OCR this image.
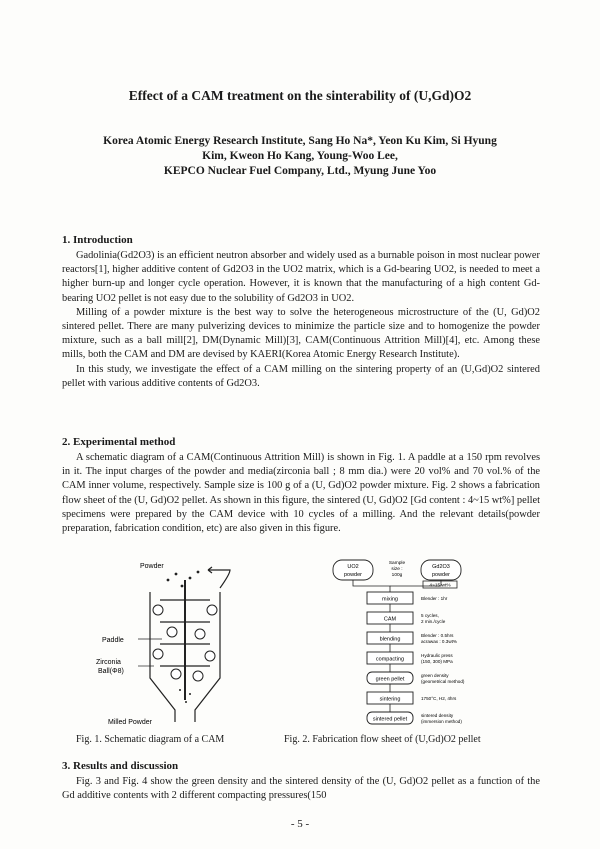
Effect of a CAM treatment on the sinterability of (U,Gd)O2
Korea Atomic Energy Research Institute, Sang Ho Na*, Yeon Ku Kim, Si Hyung
Kim, Kweon Ho Kang, Young-Woo Lee,
KEPCO Nuclear Fuel Company, Ltd., Myung June Yoo
1. Introduction

Gadolinia(Gd2O3) is an efficient neutron absorber and widely used as a burnable poison in most nuclear power reactors[1], higher additive content of Gd2O3 in the UO2 matrix, which is a Gd-bearing UO2, is needed to meet a higher burn-up and longer cycle operation. However, it is known that the manufacturing of a high content Gd-bearing UO2 pellet is not easy due to the solubility of Gd2O3 in UO2.

Milling of a powder mixture is the best way to solve the heterogeneous microstructure of the (U, Gd)O2 sintered pellet. There are many pulverizing devices to minimize the particle size and to homogenize the powder mixture, such as a ball mill[2], DM(Dynamic Mill)[3], CAM(Continuous Attrition Mill)[4], etc. Among these mills, both the CAM and DM are devised by KAERI(Korea Atomic Energy Research Institute).

In this study, we investigate the effect of a CAM milling on the sintering property of an (U,Gd)O2 sintered pellet with various additive contents of Gd2O3.

2. Experimental method

A schematic diagram of a CAM(Continuous Attrition Mill) is shown in Fig. 1. A paddle at a 150 rpm revolves in it. The input charges of the powder and media(zirconia ball ; 8 mm dia.) were 20 vol% and 70 vol.% of the CAM inner volume, respectively. Sample size is 100 g of a (U, Gd)O2 powder mixture. Fig. 2 shows a fabrication flow sheet of the (U, Gd)O2 pellet. As shown in this figure, the sintered (U, Gd)O2 [Gd content : 4~15 wt%] pellet specimens were prepared by the CAM device with 10 cycles of a milling. And the relevant details(powder preparation, fabrication condition, etc) are also given in this figure.

Powder
Paddle
Zirconia
Ball(Φ8)
Milled Powder
UO2
powder
Gd2O3
powder
4~15 wt%
Sample
size :
100g
mixing
CAM
blending
compacting
green pellet
sintering
sintered pellet
Blender : 1hr
5 cycles,
2 min./cycle
Blender : 0.5hrs
acrawax : 0.3wt%
Hydraulic press
(150, 300) MPa
green density
(geometrical method)
1750°C, H2, 4hrs
sintered density
(immersion method)
Fig. 1. Schematic diagram of a CAM	Fig. 2. Fabrication flow sheet of (U,Gd)O2 pellet
3. Results and discussion

Fig. 3 and Fig. 4 show the green density and the sintered density of the (U, Gd)O2 pellet as a function of the Gd additive contents with 2 different compacting pressures(150

- 5 -
